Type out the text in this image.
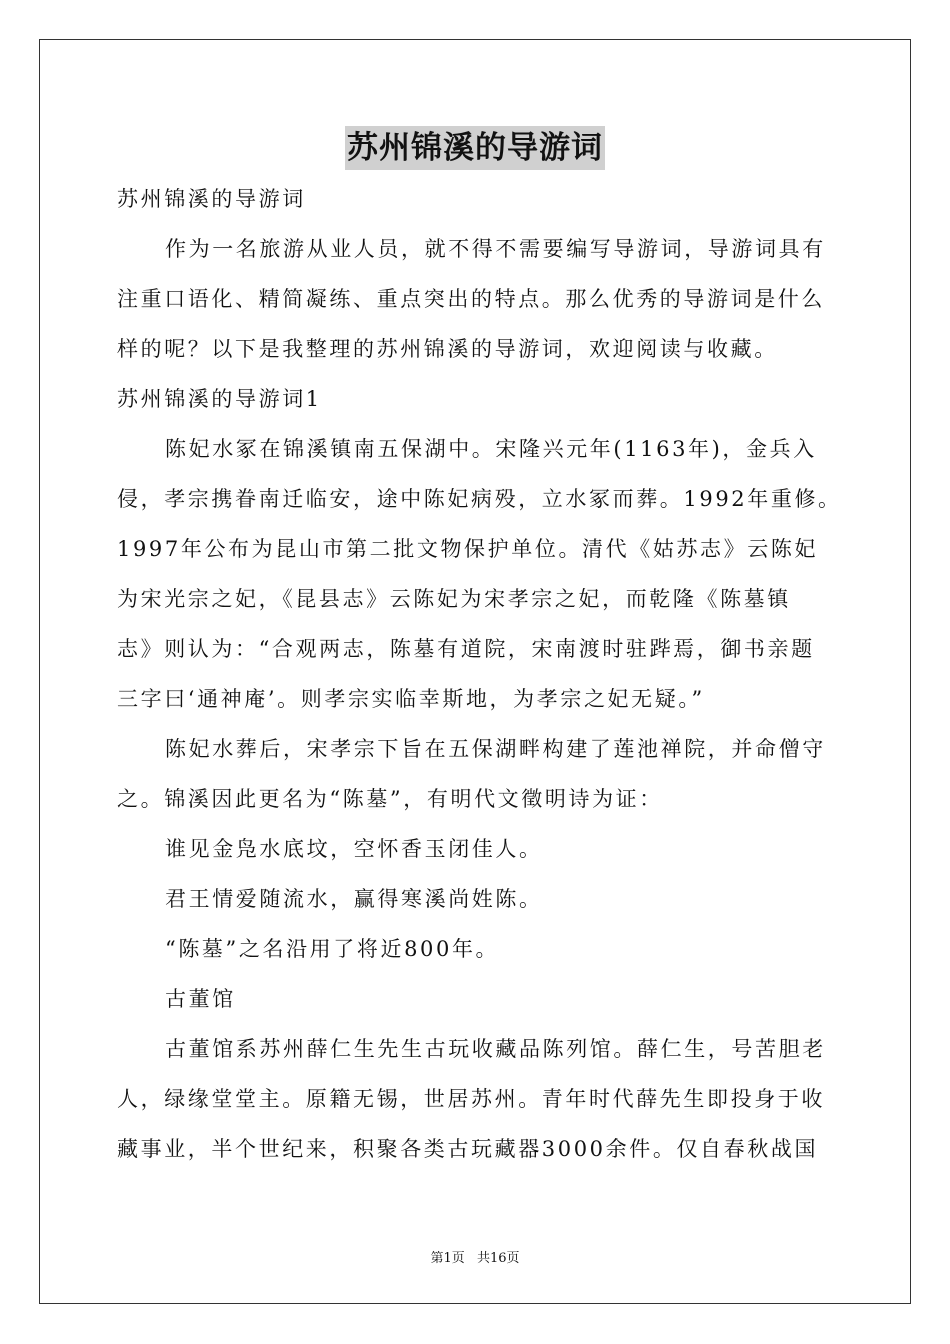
苏州锦溪的导游词
苏州锦溪的导游词
作为一名旅游从业人员，就不得不需要编写导游词，导游词具有
注重口语化、精简凝练、重点突出的特点。那么优秀的导游词是什么
样的呢？以下是我整理的苏州锦溪的导游词，欢迎阅读与收藏。
苏州锦溪的导游词1
陈妃水冢在锦溪镇南五保湖中。宋隆兴元年(1163年)，金兵入
侵，孝宗携眷南迁临安，途中陈妃病殁，立水冢而葬。1992年重修。
1997年公布为昆山市第二批文物保护单位。清代《姑苏志》云陈妃
为宋光宗之妃，《昆县志》云陈妃为宋孝宗之妃，而乾隆《陈墓镇
志》则认为：“合观两志，陈墓有道院，宋南渡时驻跸焉，御书亲题
三字曰‘通神庵’。则孝宗实临幸斯地，为孝宗之妃无疑。”
陈妃水葬后，宋孝宗下旨在五保湖畔构建了莲池禅院，并命僧守
之。锦溪因此更名为“陈墓”，有明代文徵明诗为证：
谁见金凫水底坟，空怀香玉闭佳人。
君王情爱随流水，赢得寒溪尚姓陈。
“陈墓”之名沿用了将近800年。
古董馆
古董馆系苏州薛仁生先生古玩收藏品陈列馆。薛仁生，号苦胆老
人，绿缘堂堂主。原籍无锡，世居苏州。青年时代薛先生即投身于收
藏事业，半个世纪来，积聚各类古玩藏器3000余件。仅自春秋战国
第1页 共16页
